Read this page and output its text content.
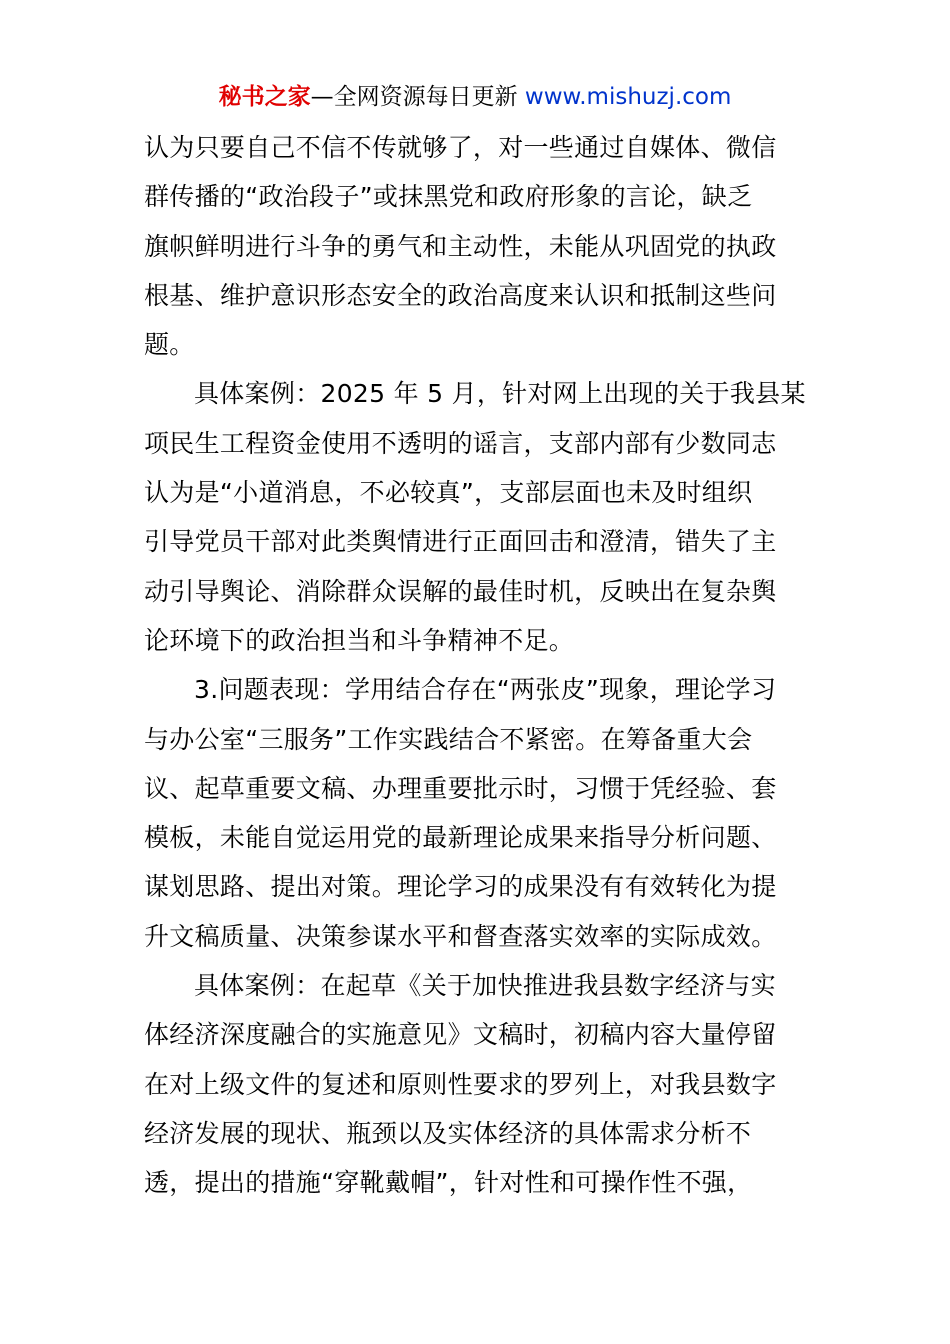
秘书之家—全网资源每日更新 www.mishuzj.com
认为只要自己不信不传就够了，对一些通过自媒体、微信
群传播的“政治段子”或抹黑党和政府形象的言论，缺乏
旗帜鲜明进行斗争的勇气和主动性，未能从巩固党的执政
根基、维护意识形态安全的政治高度来认识和抵制这些问
题。
具体案例：2025 年 5 月，针对网上出现的关于我县某
项民生工程资金使用不透明的谣言，支部内部有少数同志
认为是“小道消息，不必较真”，支部层面也未及时组织
引导党员干部对此类舆情进行正面回击和澄清，错失了主
动引导舆论、消除群众误解的最佳时机，反映出在复杂舆
论环境下的政治担当和斗争精神不足。
3.问题表现：学用结合存在“两张皮”现象，理论学习
与办公室“三服务”工作实践结合不紧密。在筹备重大会
议、起草重要文稿、办理重要批示时，习惯于凭经验、套
模板，未能自觉运用党的最新理论成果来指导分析问题、
谋划思路、提出对策。理论学习的成果没有有效转化为提
升文稿质量、决策参谋水平和督查落实效率的实际成效。
具体案例：在起草《关于加快推进我县数字经济与实
体经济深度融合的实施意见》文稿时，初稿内容大量停留
在对上级文件的复述和原则性要求的罗列上，对我县数字
经济发展的现状、瓶颈以及实体经济的具体需求分析不
透，提出的措施“穿靴戴帽”，针对性和可操作性不强，
